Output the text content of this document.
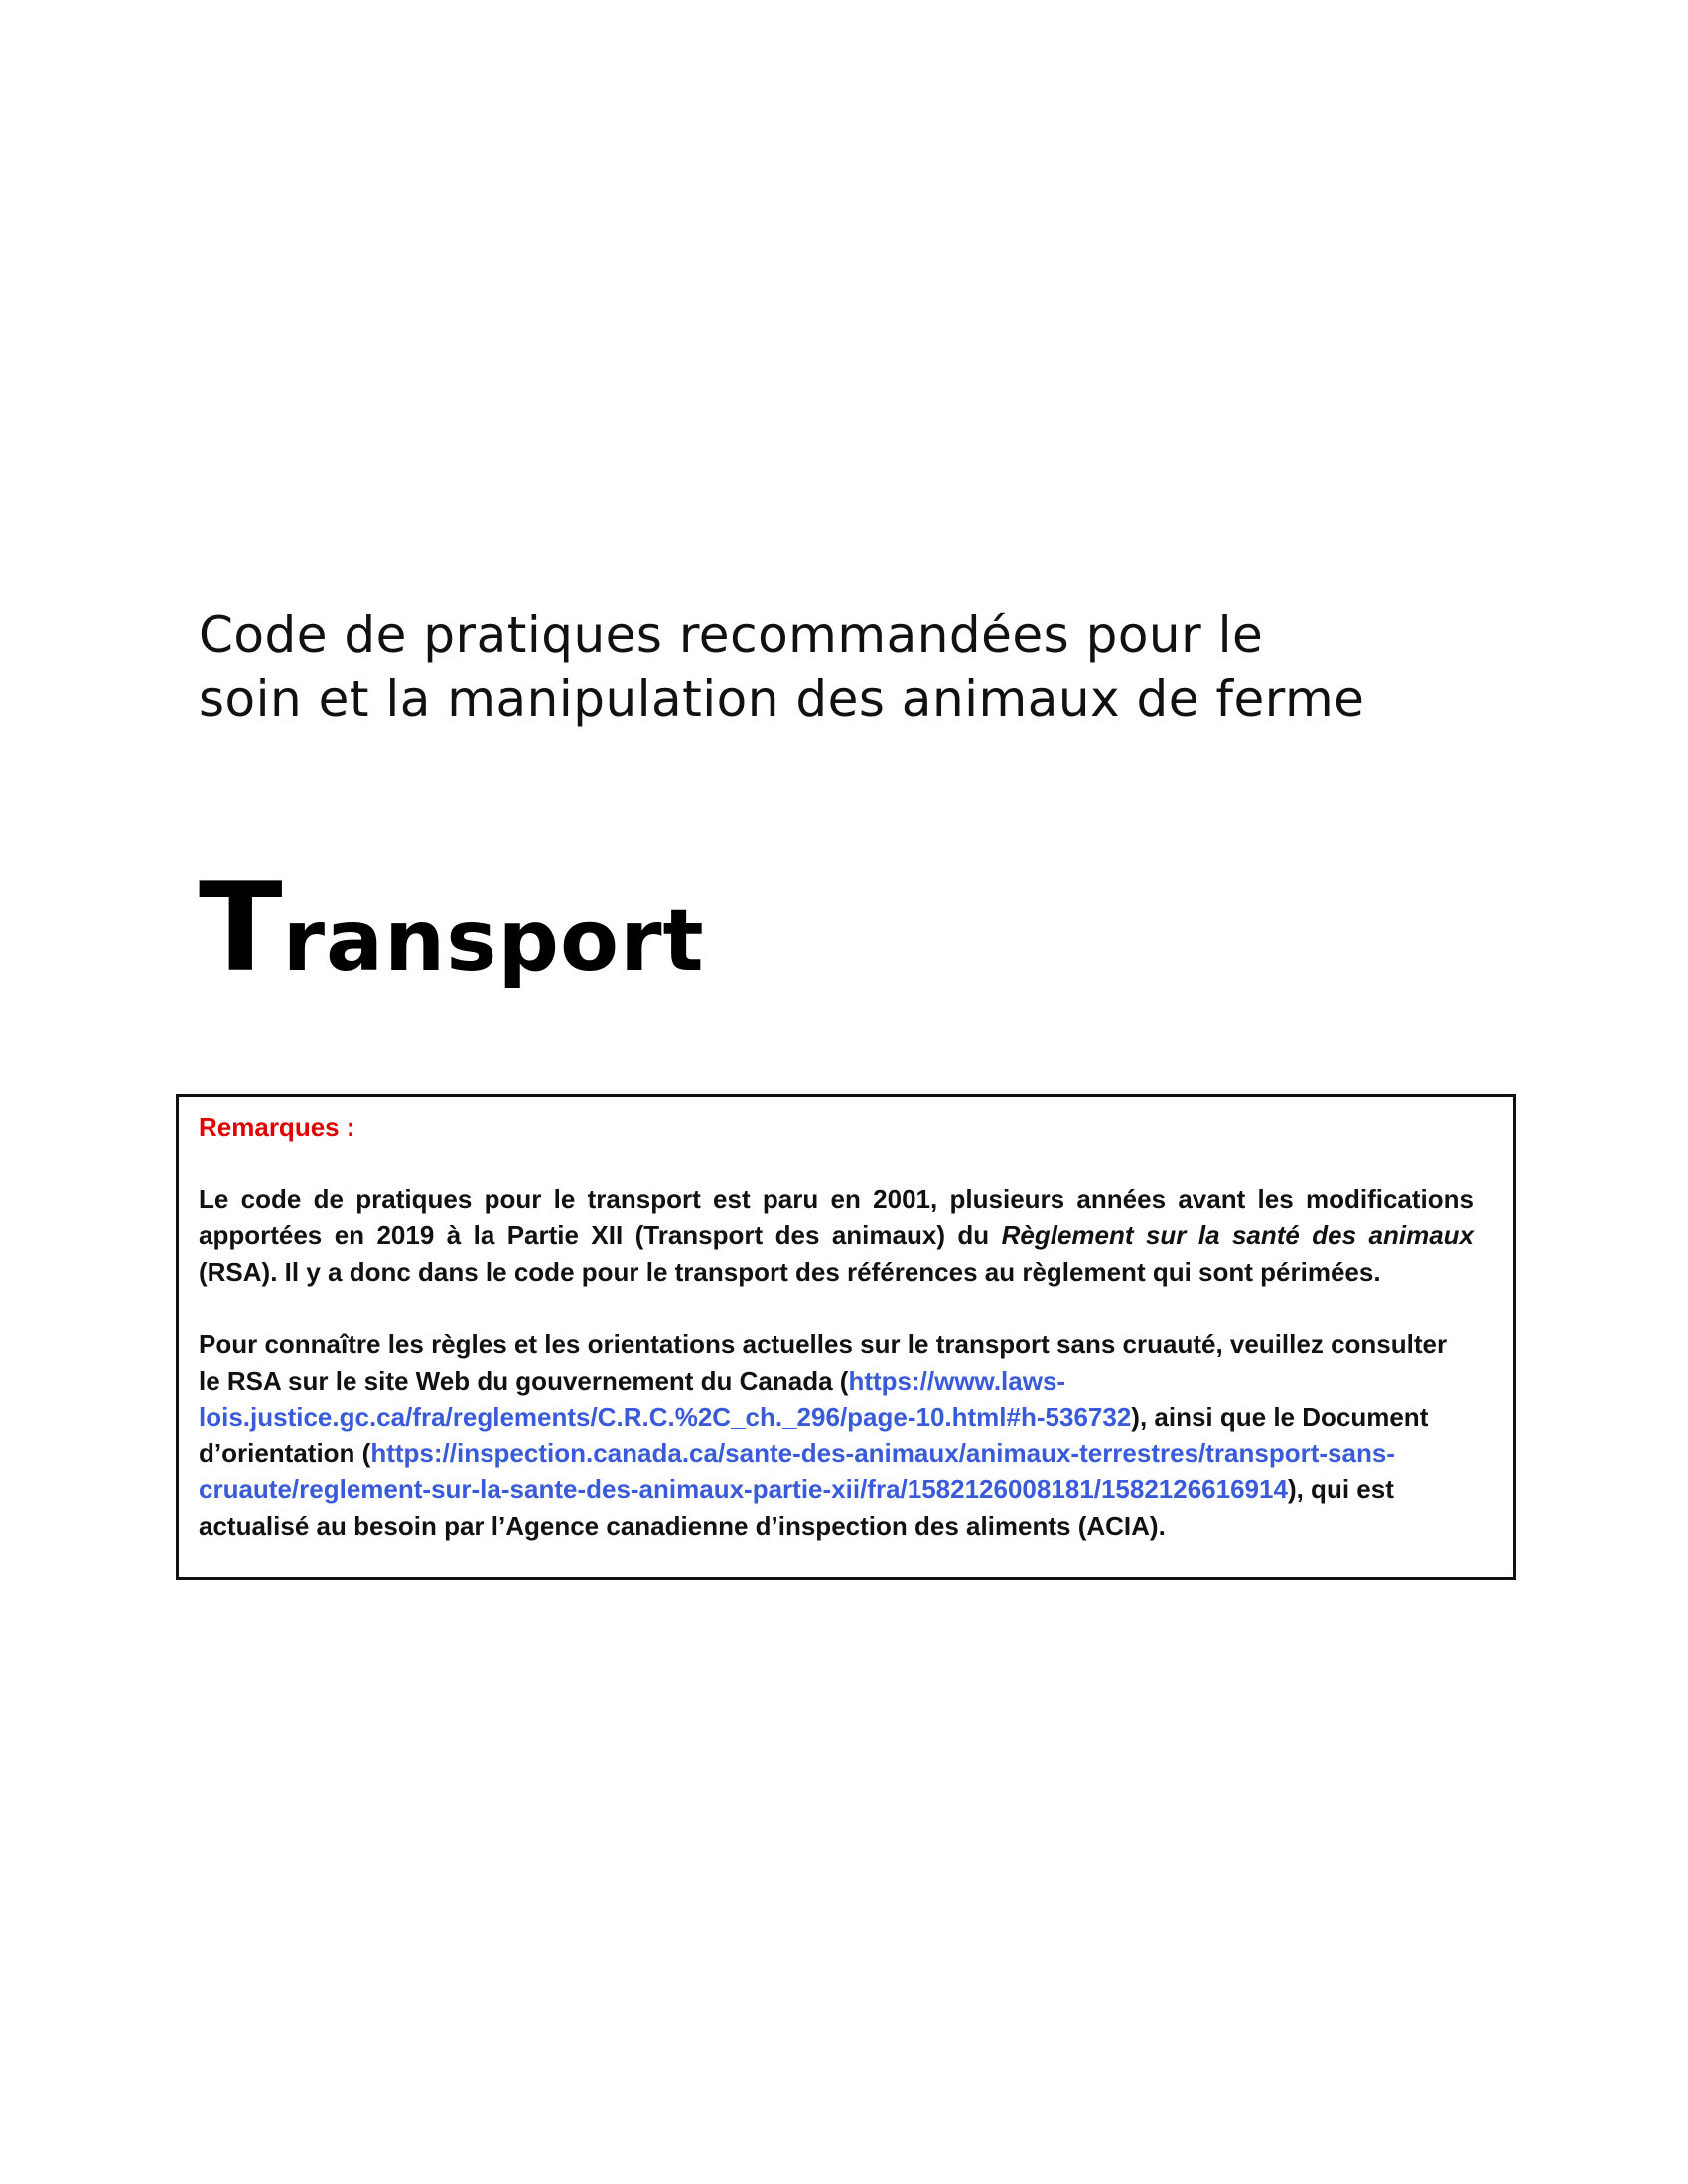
Code de pratiques recommandées pour le
soin et la manipulation des animaux de ferme
Transport

Remarques :

Le code de pratiques pour le transport est paru en 2001, plusieurs années avant les modifications apportées en 2019 à la Partie XII (Transport des animaux) du Règlement sur la santé des animaux (RSA). Il y a donc dans le code pour le transport des références au règlement qui sont périmées.

Pour connaître les règles et les orientations actuelles sur le transport sans cruauté, veuillez consulter le RSA sur le site Web du gouvernement du Canada (https://www.laws-lois.justice.gc.ca/fra/reglements/C.R.C.%2C_ch._296/page-10.html#h-536732), ainsi que le Document d’orientation (https://inspection.canada.ca/sante-des-animaux/animaux-terrestres/transport-sans-cruaute/reglement-sur-la-sante-des-animaux-partie-xii/fra/1582126008181/1582126616914), qui est actualisé au besoin par l’Agence canadienne d’inspection des aliments (ACIA).
